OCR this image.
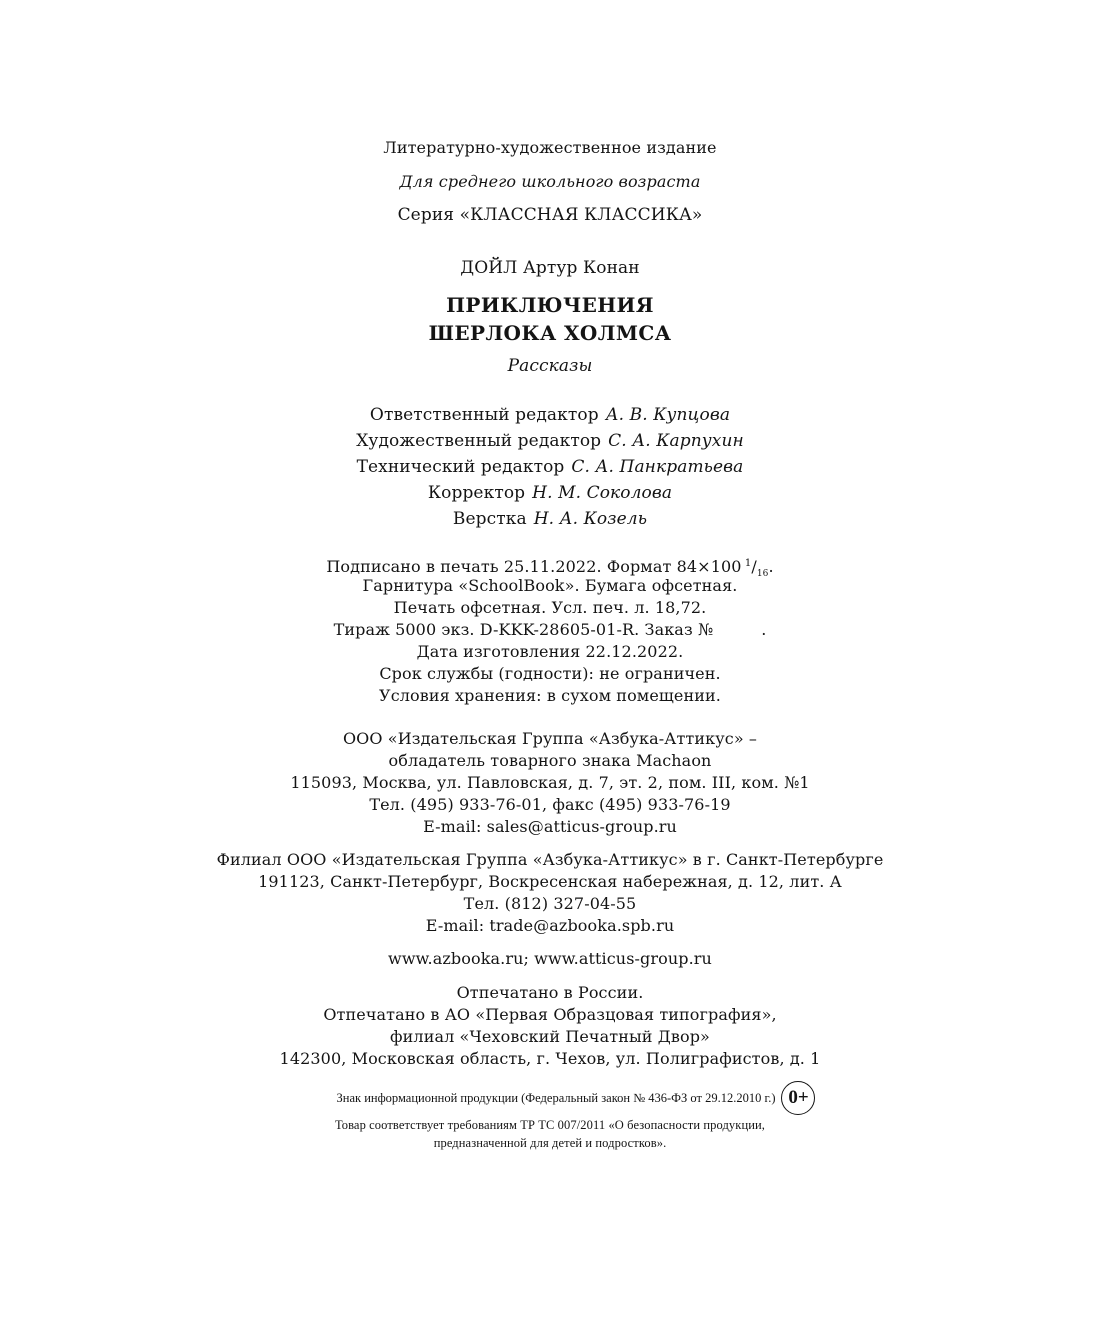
Литературно-художественное издание
Для среднего школьного возраста
Серия «КЛАССНАЯ КЛАССИКА»
ДОЙЛ Артур Конан
ПРИКЛЮЧЕНИЯ
ШЕРЛОКА ХОЛМСА
Рассказы
Ответственный редактор А. В. Купцова
Художественный редактор С. А. Карпухин
Технический редактор С. А. Панкратьева
Корректор Н. М. Соколова
Верстка Н. А. Козель
Подписано в печать 25.11.2022. Формат 84×100  $^1/_{16}$.
Гарнитура «SchoolBook». Бумага офсетная.
Печать офсетная. Усл. печ. л. 18,72.
Тираж 5000 экз. D-KKK-28605-01-R. Заказ №	.
Дата изготовления 22.12.2022.
Срок службы (годности): не ограничен.
Условия хранения: в сухом помещении.
ООО «Издательская Группа «Азбука-Аттикус» –
обладатель товарного знака Machaon
115093, Москва, ул. Павловская, д. 7, эт. 2, пом. III, ком. №1
Тел. (495) 933-76-01, факс (495) 933-76-19
E-mail: sales@atticus-group.ru
Филиал ООО «Издательская Группа «Азбука-Аттикус» в г. Санкт-Петербурге
191123, Санкт-Петербург, Воскресенская набережная, д. 12, лит. А
Тел. (812) 327-04-55
E-mail: trade@azbooka.spb.ru
www.azbooka.ru; www.atticus-group.ru
Отпечатано в России.
Отпечатано в АО «Первая Образцовая типография»,
филиал «Чеховский Печатный Двор»
142300, Московская область, г. Чехов, ул. Полиграфистов, д. 1
Знак информационной продукции (Федеральный закон № 436-ФЗ от 29.12.2010 г.) 0+
Товар соответствует требованиям ТР ТС 007/2011 «О безопасности продукции,
предназначенной для детей и подростков».
